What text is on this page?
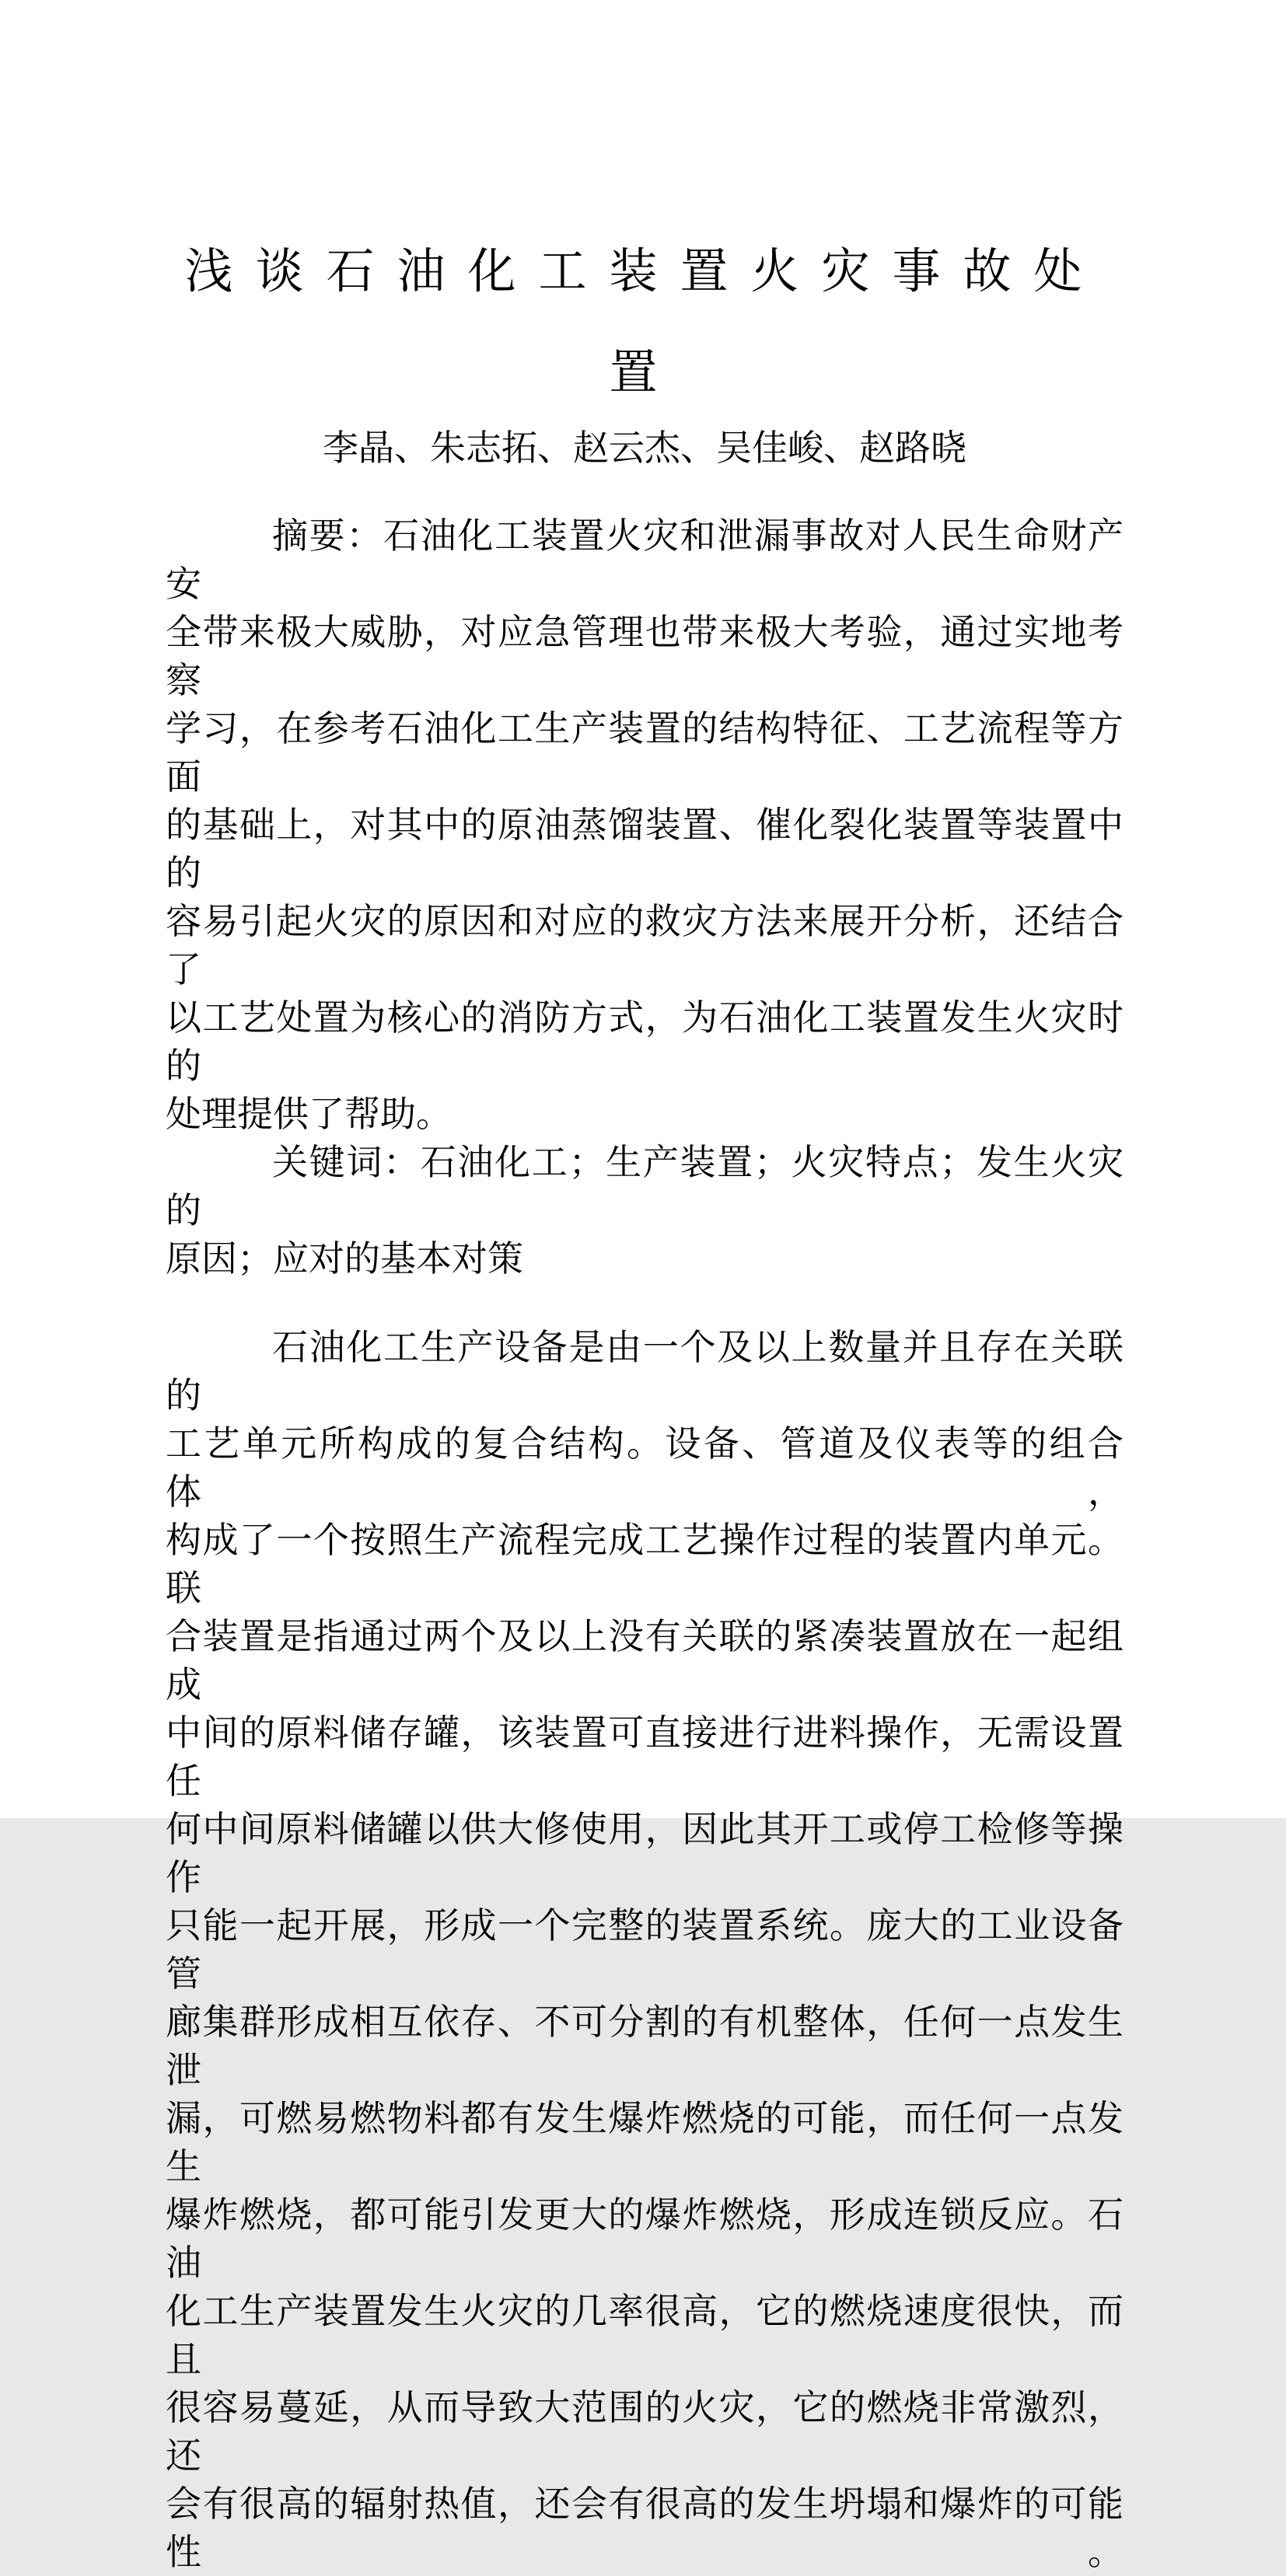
浅谈石油化工装置火灾事故处
置
李晶、朱志拓、赵云杰、吴佳峻、赵路晓
摘要：石油化工装置火灾和泄漏事故对人民生命财产安
全带来极大威胁，对应急管理也带来极大考验，通过实地考察
学习，在参考石油化工生产装置的结构特征、工艺流程等方面
的基础上，对其中的原油蒸馏装置、催化裂化装置等装置中的
容易引起火灾的原因和对应的救灾方法来展开分析，还结合了
以工艺处置为核心的消防方式，为石油化工装置发生火灾时的
处理提供了帮助。
关键词：石油化工；生产装置；火灾特点；发生火灾的
原因；应对的基本对策
石油化工生产设备是由一个及以上数量并且存在关联的
工艺单元所构成的复合结构。设备、管道及仪表等的组合体，
构成了一个按照生产流程完成工艺操作过程的装置内单元。联
合装置是指通过两个及以上没有关联的紧凑装置放在一起组成
中间的原料储存罐，该装置可直接进行进料操作，无需设置任
何中间原料储罐以供大修使用，因此其开工或停工检修等操作
只能一起开展，形成一个完整的装置系统。庞大的工业设备管
廊集群形成相互依存、不可分割的有机整体，任何一点发生泄
漏，可燃易燃物料都有发生爆炸燃烧的可能，而任何一点发生
爆炸燃烧，都可能引发更大的爆炸燃烧，形成连锁反应。石油
化工生产装置发生火灾的几率很高，它的燃烧速度很快，而且
很容易蔓延，从而导致大范围的火灾，它的燃烧非常激烈，还
会有很高的辐射热值，还会有很高的发生坍塌和爆炸的可能性。
